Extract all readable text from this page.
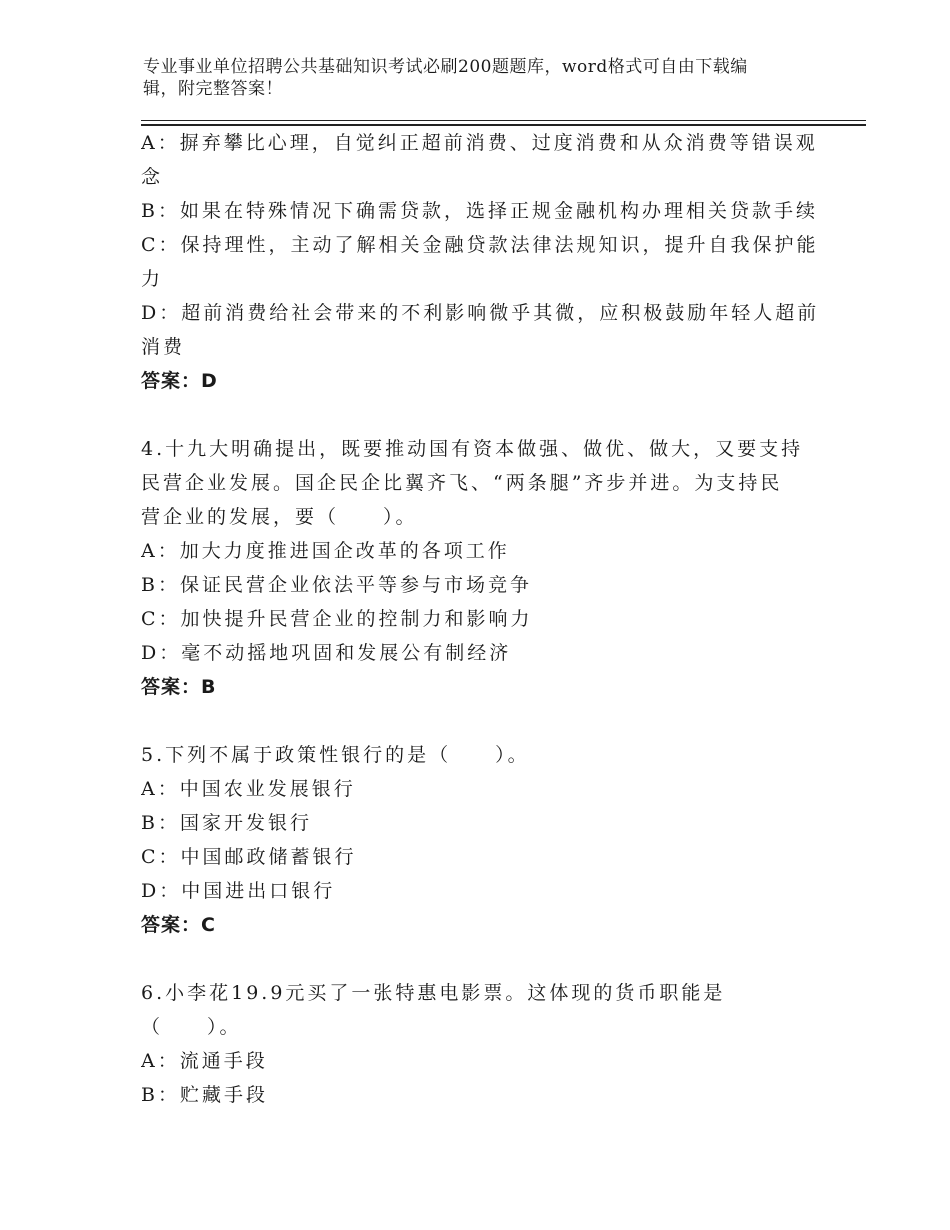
专业事业单位招聘公共基础知识考试必刷200题题库，word格式可自由下载编
辑，附完整答案！
A：摒弃攀比心理，自觉纠正超前消费、过度消费和从众消费等错误观
念
B：如果在特殊情况下确需贷款，选择正规金融机构办理相关贷款手续
C：保持理性，主动了解相关金融贷款法律法规知识，提升自我保护能
力
D：超前消费给社会带来的不利影响微乎其微，应积极鼓励年轻人超前
消费
答案：D
4.十九大明确提出，既要推动国有资本做强、做优、做大，又要支持
民营企业发展。国企民企比翼齐飞、“两条腿”齐步并进。为支持民
营企业的发展，要（　　）。
A：加大力度推进国企改革的各项工作
B：保证民营企业依法平等参与市场竞争
C：加快提升民营企业的控制力和影响力
D：毫不动摇地巩固和发展公有制经济
答案：B
5.下列不属于政策性银行的是（　　）。
A：中国农业发展银行
B：国家开发银行
C：中国邮政储蓄银行
D：中国进出口银行
答案：C
6.小李花19.9元买了一张特惠电影票。这体现的货币职能是
（　　）。
A：流通手段
B：贮藏手段
